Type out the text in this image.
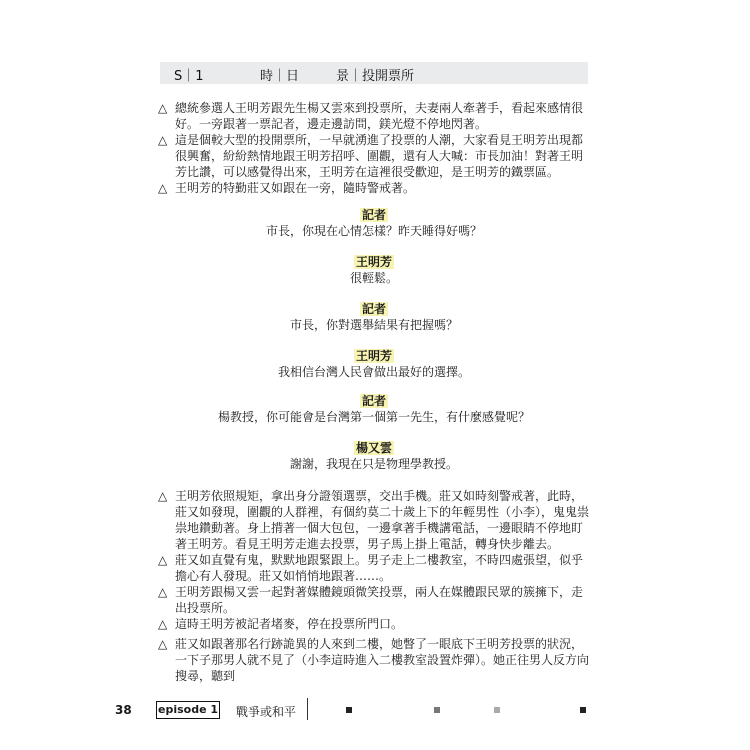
S｜1	時｜日	景｜投開票所
△ 總統參選人王明芳跟先生楊又雲來到投票所，夫妻兩人牽著手，看起來感情很好。一旁跟著一票記者，邊走邊訪問，鎂光燈不停地閃著。
△ 這是個較大型的投開票所，一早就湧進了投票的人潮，大家看見王明芳出現都很興奮，紛紛熱情地跟王明芳招呼、圍觀，還有人大喊：市長加油！對著王明芳比讚，可以感覺得出來，王明芳在這裡很受歡迎，是王明芳的鐵票區。
△ 王明芳的特勤莊又如跟在一旁，隨時警戒著。
記者
市長，你現在心情怎樣？昨天睡得好嗎？
王明芳
很輕鬆。
記者
市長，你對選舉結果有把握嗎？
王明芳
我相信台灣人民會做出最好的選擇。
記者
楊教授，你可能會是台灣第一個第一先生，有什麼感覺呢？
楊又雲
謝謝，我現在只是物理學教授。
△ 王明芳依照規矩，拿出身分證領選票，交出手機。莊又如時刻警戒著，此時，莊又如發現，圍觀的人群裡，有個約莫二十歲上下的年輕男性（小李），鬼鬼祟祟地鑽動著。身上揹著一個大包包，一邊拿著手機講電話，一邊眼睛不停地盯著王明芳。看見王明芳走進去投票，男子馬上掛上電話，轉身快步離去。
△ 莊又如直覺有鬼，默默地跟緊跟上。男子走上二樓教室，不時四處張望，似乎擔心有人發現。莊又如悄悄地跟著……。
△ 王明芳跟楊又雲一起對著媒體鏡頭微笑投票，兩人在媒體跟民眾的簇擁下，走出投票所。
△ 這時王明芳被記者堵麥，停在投票所門口。
△ 莊又如跟著那名行跡詭異的人來到二樓，她瞥了一眼底下王明芳投票的狀況，一下子那男人就不見了（小李這時進入二樓教室設置炸彈）。她正往男人反方向搜尋，聽到
38 episode 1 戰爭或和平
